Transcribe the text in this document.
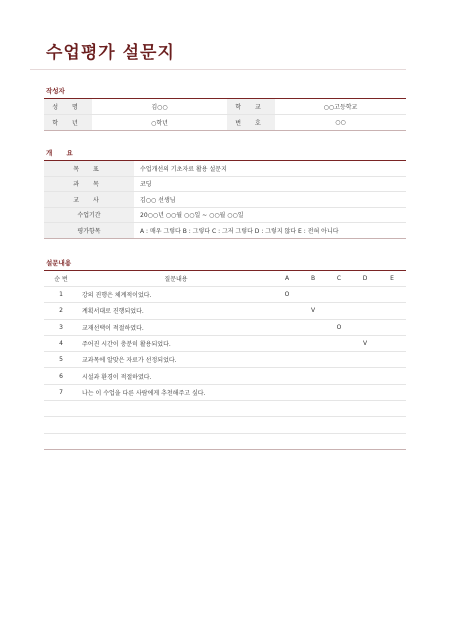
수업평가 설문지
작성자
성 명	김○○	학 교	○○고등학교
학 년	○학년	번 호	○○
개 요
목 표	수업개선의 기초자료 활용 설문지
과 목	코딩
교 사	김○○ 선생님
수업기간	20○○년 ○○월 ○○일 ~ ○○월 ○○일
평가항목	A : 매우 그렇다 B : 그렇다 C : 그저 그렇다 D : 그렇지 않다 E : 전혀 아니다
설문내용
순 번	질문내용	A	B	C	D	E
1	강의 진행은 체계적이었다.	O				
2	계획서대로 진행되었다.		V			
3	교재선택이 적절하였다.			O		
4	주어진 시간이 충분히 활용되었다.				V	
5	교과목에 알맞은 자료가 선정되었다.					
6	시설과 환경이 적절하였다.					
7	나는 이 수업을 다른 사람에게 추천해주고 싶다.					
